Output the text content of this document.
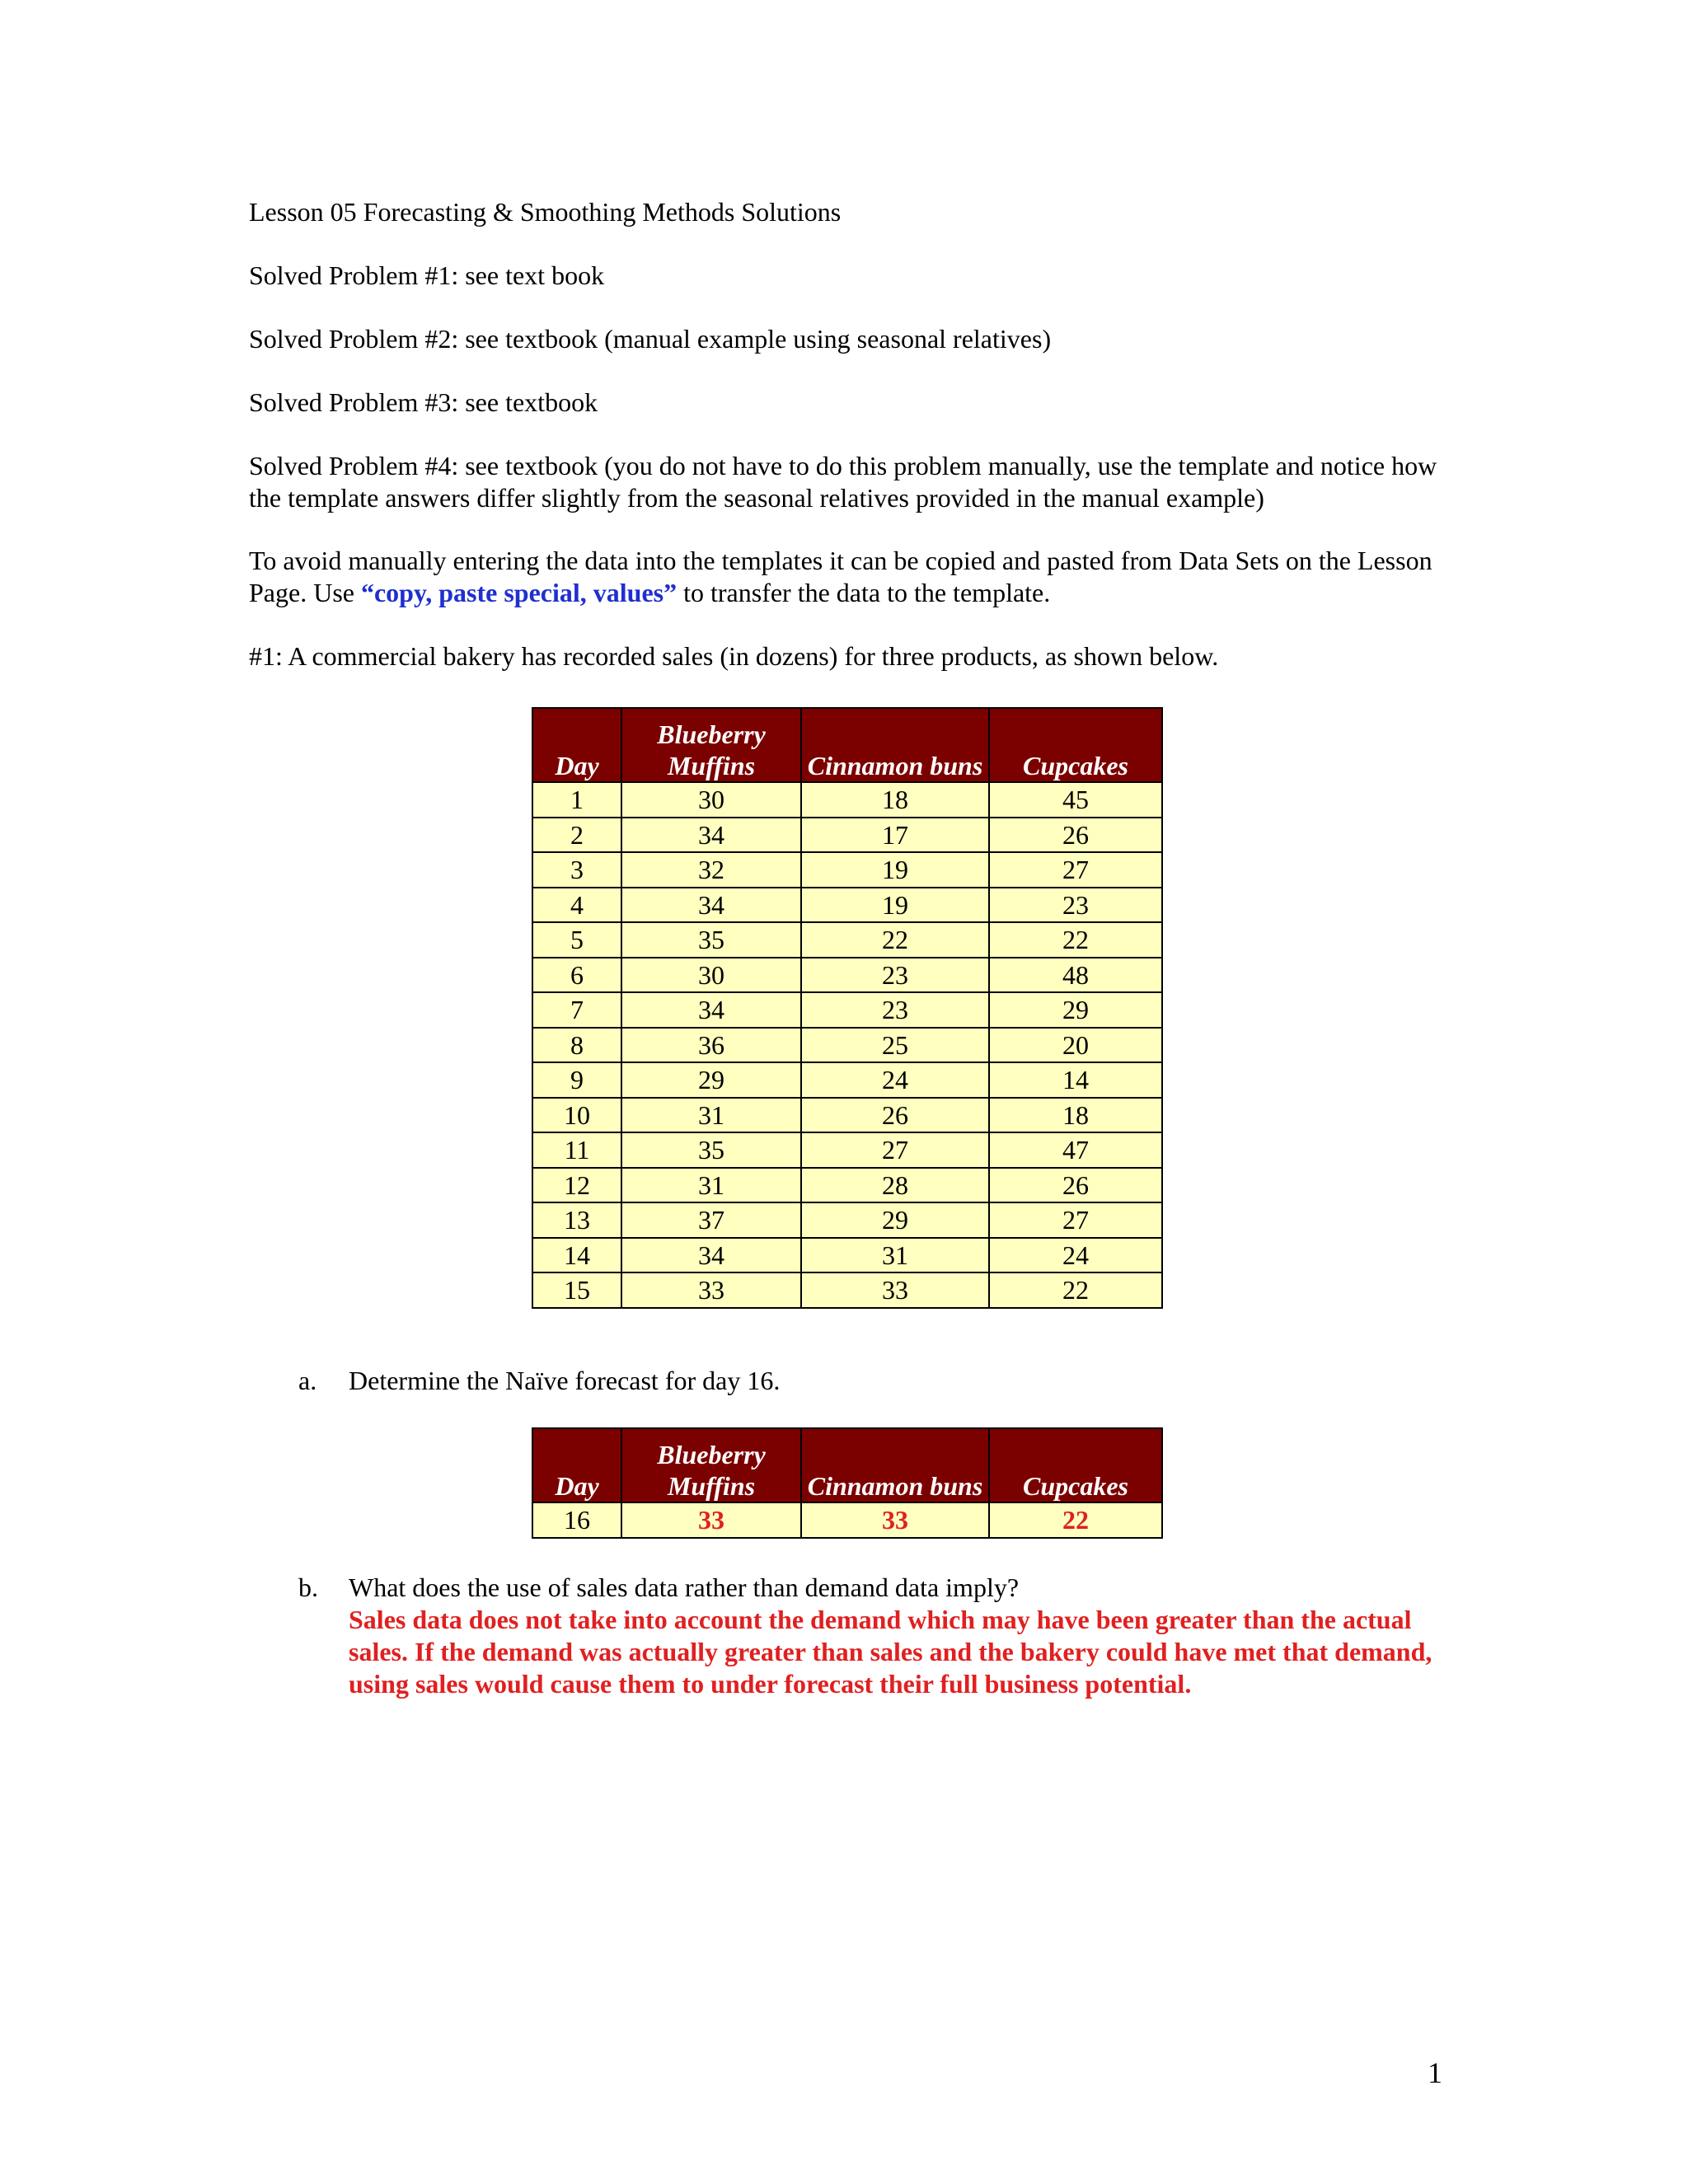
Lesson 05 Forecasting & Smoothing Methods Solutions

Solved Problem #1: see text book

Solved Problem #2: see textbook (manual example using seasonal relatives)

Solved Problem #3: see textbook

Solved Problem #4: see textbook (you do not have to do this problem manually, use the template and notice how the template answers differ slightly from the seasonal relatives provided in the manual example)

To avoid manually entering the data into the templates it can be copied and pasted from Data Sets on the Lesson Page. Use “copy, paste special, values” to transfer the data to the template.

#1: A commercial bakery has recorded sales (in dozens) for three products, as shown below.

Day	Blueberry Muffins	Cinnamon buns	Cupcakes
1	30	18	45
2	34	17	26
3	32	19	27
4	34	19	23
5	35	22	22
6	30	23	48
7	34	23	29
8	36	25	20
9	29	24	14
10	31	26	18
11	35	27	47
12	31	28	26
13	37	29	27
14	34	31	24
15	33	33	22
a. Determine the Naïve forecast for day 16.
Day	Blueberry Muffins	Cinnamon buns	Cupcakes
16	33	33	22
b. What does the use of sales data rather than demand data imply?

Sales data does not take into account the demand which may have been greater than the actual sales. If the demand was actually greater than sales and the bakery could have met that demand, using sales would cause them to under forecast their full business potential.

1
